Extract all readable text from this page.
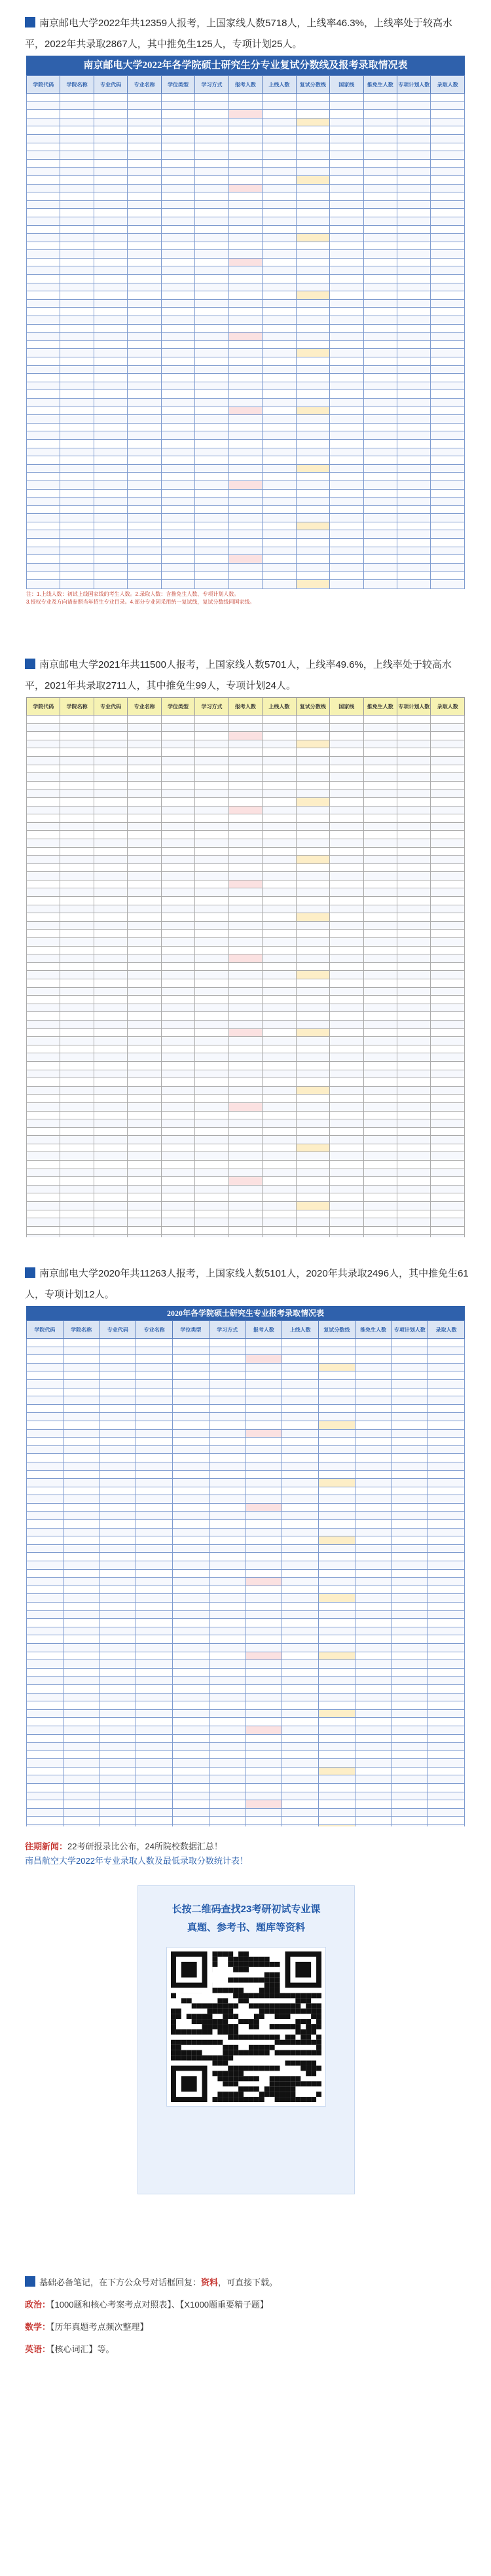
南京邮电大学2022年共12359人报考，上国家线人数5718人，上线率46.3%，上线率处于较高水平，2022年共录取2867人，其中推免生125人，专项计划25人。
南京邮电大学2022年各学院硕士研究生分专业复试分数线及报考录取情况表
学院代码	学院名称	专业代码	专业名称	学位类型	学习方式	报考人数	上线人数	复试分数线	国家线	推免生人数	专项计划人数	录取人数

注：1.上线人数：初试上线国家线的考生人数。2.录取人数：含推免生人数、专项计划人数。
3.授权专业及方向请参照当年招生专业目录。4.部分专业因采用统一复试线，复试分数线同国家线。
南京邮电大学2021年共11500人报考，上国家线人数5701人，上线率49.6%，上线率处于较高水平，2021年共录取2711人，其中推免生99人，专项计划24人。
学院代码	学院名称	专业代码	专业名称	学位类型	学习方式	报考人数	上线人数	复试分数线	国家线	推免生人数	专项计划人数	录取人数

南京邮电大学2020年共11263人报考，上国家线人数5101人，2020年共录取2496人，其中推免生61人，专项计划12人。
2020年各学院硕士研究生专业报考录取情况表
学院代码	学院名称	专业代码	专业名称	学位类型	学习方式	报考人数	上线人数	复试分数线	推免生人数	专项计划人数	录取人数

往期新闻：22考研报录比公布，24所院校数据汇总！
南昌航空大学2022年专业录取人数及最低录取分数统计表！
长按二维码查找23考研初试专业课
真题、参考书、题库等资料
基础必备笔记，在下方公众号对话框回复：资料，可直接下载。
政治：【1000题和核心考案考点对照表】、【X1000题重要精子题】
数学：【历年真题考点频次整理】
英语：【核心词汇】等。
